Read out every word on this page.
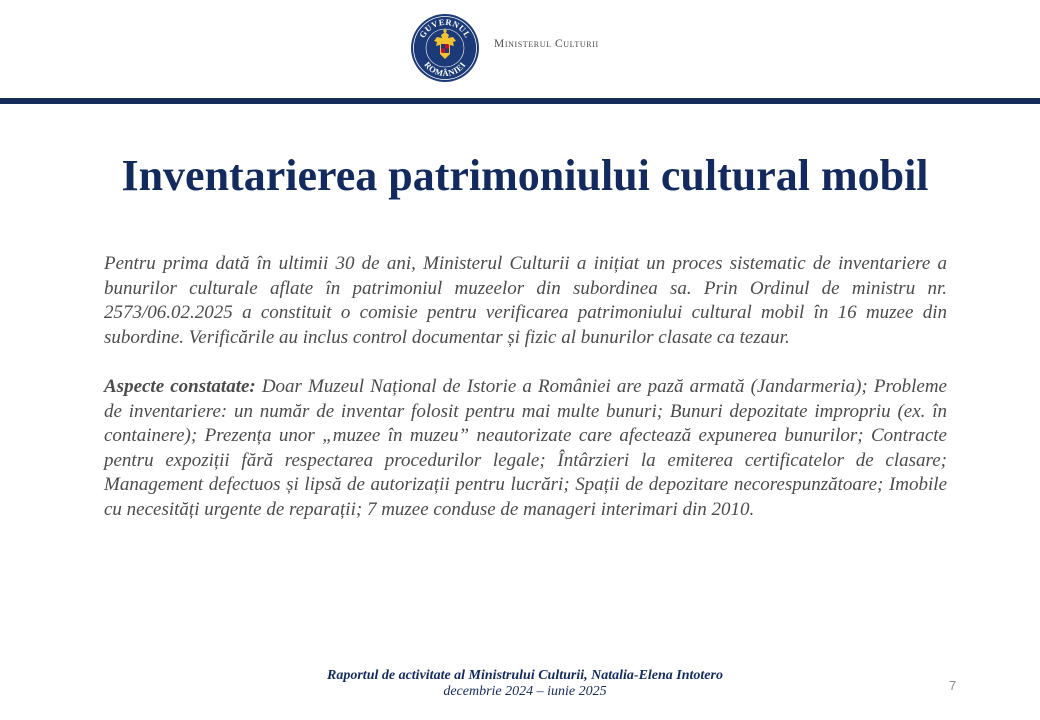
GUVERNUL
ROMÂNIEI
Ministerul Culturii
Inventarierea patrimoniului cultural mobil

Pentru prima dată în ultimii 30 de ani, Ministerul Culturii a inițiat un proces sistematic de inventariere a bunurilor culturale aflate în patrimoniul muzeelor din subordinea sa. Prin Ordinul de ministru nr. 2573/06.02.2025 a constituit o comisie pentru verificarea patrimoniului cultural mobil în 16 muzee din subordine. Verificările au inclus control documentar și fizic al bunurilor clasate ca tezaur.

Aspecte constatate: Doar Muzeul Național de Istorie a României are pază armată (Jandarmeria); Probleme de inventariere: un număr de inventar folosit pentru mai multe bunuri; Bunuri depozitate impropriu (ex. în containere); Prezența unor „muzee în muzeu” neautorizate care afectează expunerea bunurilor; Contracte pentru expoziții fără respectarea procedurilor legale; Întârzieri la emiterea certificatelor de clasare; Management defectuos și lipsă de autorizații pentru lucrări; Spații de depozitare necorespunzătoare; Imobile cu necesități urgente de reparații; 7 muzee conduse de manageri interimari din 2010.

Raportul de activitate al Ministrului Culturii, Natalia-Elena Intotero
decembrie 2024 – iunie 2025	7
